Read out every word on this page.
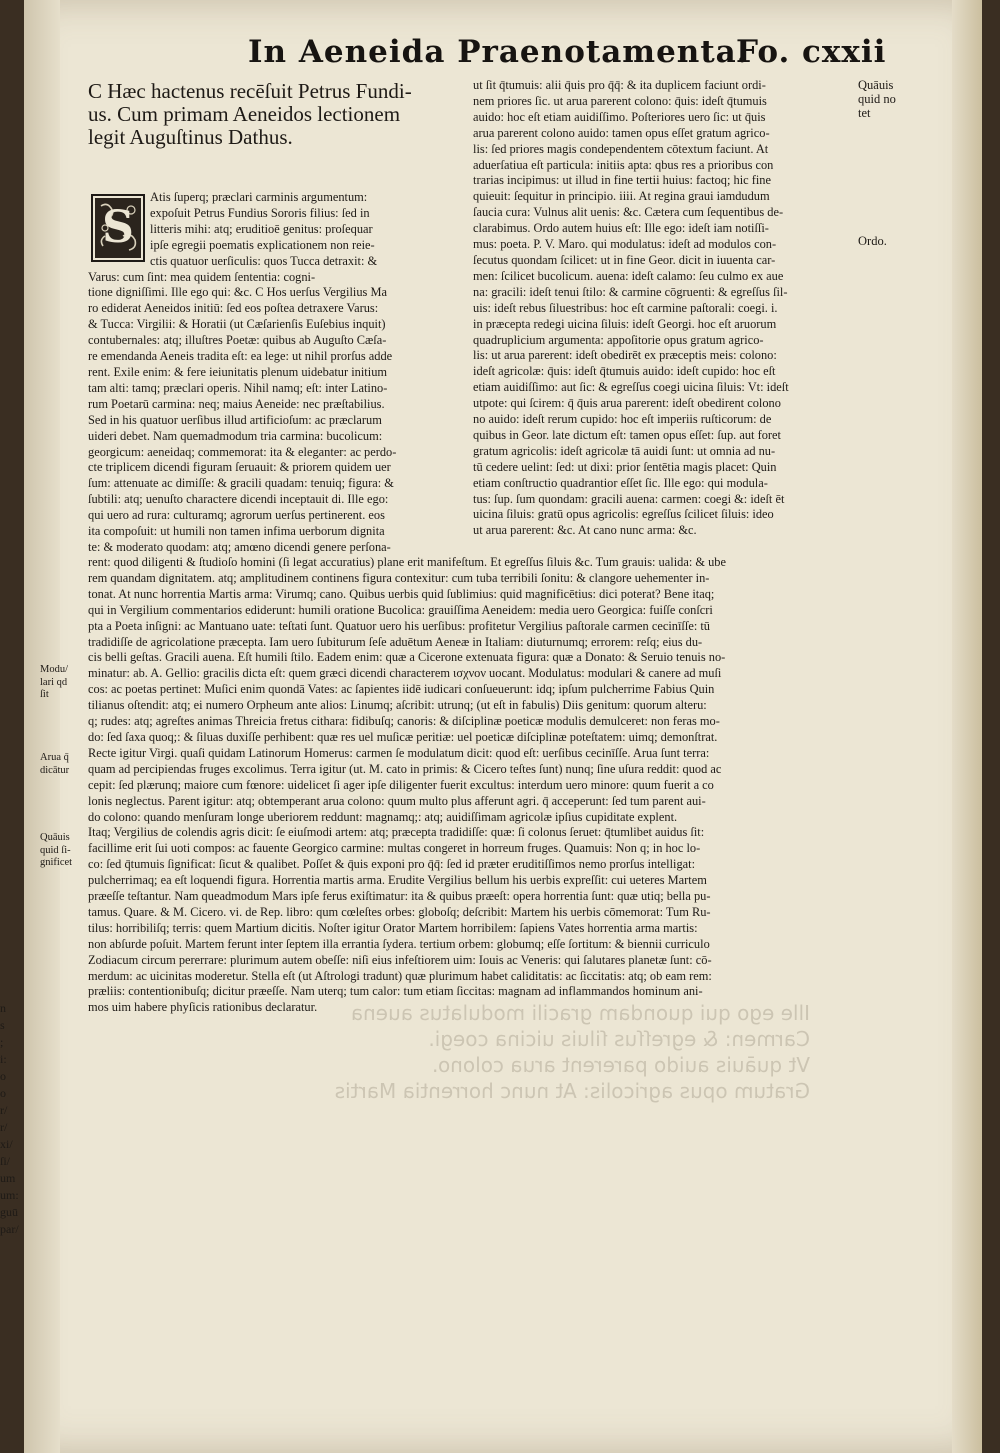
n
s
;
i:
o
o
r/
r/
xi/
ſi/
um
um:
guū
par/
In Aeneida Praenotamenta.
Fo. cxxii
C Hæc hactenus recēſuit Petrus Fundi-
us. Cum primam Aeneidos lectionem
legit Auguſtinus Dathus.
S
Atis ſuperq; præclari carminis argumentum:
expoſuit Petrus Fundius Sororis filius: ſed in
litteris mihi: atq; eruditioē genitus: proſequar
ipſe egregii poematis explicationem non reie-
ctis quatuor uerſiculis: quos Tucca detraxit: &
Varus: cum ſint: mea quidem ſententia: cogni-
tione digniſſimi. Ille ego qui: &c. C Hos uerſus Vergilius Ma
ro ediderat Aeneidos initiū: ſed eos poſtea detraxere Varus:
& Tucca: Virgilii: & Horatii (ut Cæſarienſis Euſebius inquit)
contubernales: atq; illuſtres Poetæ: quibus ab Auguſto Cæſa-
re emendanda Aeneis tradita eſt: ea lege: ut nihil prorſus adde
rent. Exile enim: & fere ieiunitatis plenum uidebatur initium
tam alti: tamq; præclari operis. Nihil namq; eſt: inter Latino-
rum Poetarū carmina: neq; maius Aeneide: nec præſtabilius.
Sed in his quatuor uerſibus illud artificioſum: ac præclarum
uideri debet. Nam quemadmodum tria carmina: bucolicum:
georgicum: aeneidaq; commemorat: ita & eleganter: ac perdo-
cte triplicem dicendi figuram ſeruauit: & priorem quidem uer
ſum: attenuate ac dimiſſe: & gracili quadam: tenuiq; figura: &
ſubtili: atq; uenuſto charactere dicendi inceptauit di. Ille ego:
qui uero ad rura: culturamq; agrorum uerſus pertinerent. eos
ita compoſuit: ut humili non tamen infima uerborum dignita
te: & moderato quodam: atq; amœno dicendi genere perſona-
ut ſit q̄tumuis: alii q̄uis pro q̄q̄: & ita duplicem faciunt ordi-
nem priores ſic. ut arua parerent colono: q̄uis: ideſt q̄tumuis
auido: hoc eſt etiam auidiſſimo. Poſteriores uero ſic: ut q̄uis
arua parerent colono auido: tamen opus eſſet gratum agrico-
lis: ſed priores magis condependentem cōtextum faciunt. At
aduerſatiua eſt particula: initiis apta: qbus res a prioribus con
trarias incipimus: ut illud in fine tertii huius: factoq; hic fine
quieuit: ſequitur in principio. iiii. At regina graui iamdudum
ſaucia cura: Vulnus alit uenis: &c. Cætera cum ſequentibus de-
clarabimus. Ordo autem huius eſt: Ille ego: ideſt iam notiſſi-
mus: poeta. P. V. Maro. qui modulatus: ideſt ad modulos con-
ſecutus quondam ſcilicet: ut in fine Geor. dicit in iuuenta car-
men: ſcilicet bucolicum. auena: ideſt calamo: ſeu culmo ex aue
na: gracili: ideſt tenui ſtilo: & carmine cōgruenti: & egreſſus ſil-
uis: ideſt rebus ſiluestribus: hoc eſt carmine paſtorali: coegi. i.
in præcepta redegi uicina ſiluis: ideſt Georgi. hoc eſt aruorum
quadruplicium argumenta: appoſitorie opus gratum agrico-
lis: ut arua parerent: ideſt obedirēt ex præceptis meis: colono:
ideſt agricolæ: q̄uis: ideſt q̄tumuis auido: ideſt cupido: hoc eſt
etiam auidiſſimo: aut ſic: & egreſſus coegi uicina ſiluis: Vt: ideſt
utpote: qui ſcirem: q̄ q̄uis arua parerent: ideſt obedirent colono
no auido: ideſt rerum cupido: hoc eſt imperiis ruſticorum: de
quibus in Geor. late dictum eſt: tamen opus eſſet: ſup. aut foret
gratum agricolis: ideſt agricolæ tā auidi ſunt: ut omnia ad nu-
tū cedere uelint: ſed: ut dixi: prior ſentētia magis placet: Quin
etiam conſtructio quadrantior eſſet ſic. Ille ego: qui modula-
tus: ſup. ſum quondam: gracili auena: carmen: coegi &: ideſt ēt
uicina ſiluis: gratū opus agricolis: egreſſus ſcilicet ſiluis: ideo
ut arua parerent: &c. At cano nunc arma: &c.
rent: quod diligenti & ſtudioſo homini (ſi legat accuratius) plane erit manifeſtum. Et egreſſus ſiluis &c. Tum grauis: ualida: & ube
rem quandam dignitatem. atq; amplitudinem continens figura contexitur: cum tuba terribili ſonitu: & clangore uehementer in-
tonat. At nunc horrentia Martis arma: Virumq; cano. Quibus uerbis quid ſublimius: quid magnificētius: dici poterat? Bene itaq;
qui in Vergilium commentarios ediderunt: humili oratione Bucolica: grauiſſima Aeneidem: media uero Georgica: fuiſſe conſcri
pta a Poeta inſigni: ac Mantuano uate: teſtati ſunt. Quatuor uero his uerſibus: profitetur Vergilius paſtorale carmen cecinīſſe: tū
tradidiſſe de agricolatione præcepta. Iam uero ſubiturum ſeſe aduētum Aeneæ in Italiam: diuturnumq; errorem: reſq; eius du-
cis belli geſtas. Gracili auena. Eſt humili ſtilo. Eadem enim: quæ a Cicerone extenuata figura: quæ a Donato: & Seruio tenuis no-
minatur: ab. A. Gellio: gracilis dicta eſt: quem græci dicendi characterem ισχνον uocant. Modulatus: modulari & canere ad muſi
cos: ac poetas pertinet: Muſici enim quondā Vates: ac ſapientes iidē iudicari conſueuerunt: idq; ipſum pulcherrime Fabius Quin
tilianus oſtendit: atq; ei numero Orpheum ante alios: Linumq; aſcribit: utrunq; (ut eſt in fabulis) Diis genitum: quorum alteru:
q; rudes: atq; agreſtes animas Threicia fretus cithara: fidibuſq; canoris: & diſciplinæ poeticæ modulis demulceret: non feras mo-
do: ſed ſaxa quoq;: & ſiluas duxiſſe perhibent: quæ res uel muſicæ peritiæ: uel poeticæ diſciplinæ poteſtatem: uimq; demonſtrat.
Recte igitur Virgi. quaſi quidam Latinorum Homerus: carmen ſe modulatum dicit: quod eſt: uerſibus cecinīſſe. Arua ſunt terra:
quam ad percipiendas fruges excolimus. Terra igitur (ut. M. cato in primis: & Cicero teſtes ſunt) nunq; ſine uſura reddit: quod ac
cepit: ſed plærunq; maiore cum fœnore: uidelicet ſi ager ipſe diligenter fuerit excultus: interdum uero minore: quum fuerit a co
lonis neglectus. Parent igitur: atq; obtemperant arua colono: quum multo plus afferunt agri. q̄ acceperunt: ſed tum parent aui-
do colono: quando menſuram longe uberiorem reddunt: magnamq;: atq; auidiſſimam agricolæ ipſius cupiditate explent.
Itaq; Vergilius de colendis agris dicit: ſe eiuſmodi artem: atq; præcepta tradidiſſe: quæ: ſi colonus ſeruet: q̄tumlibet auidus ſit:
facillime erit ſui uoti compos: ac fauente Georgico carmine: multas congeret in horreum fruges. Quamuis: Non q; in hoc lo-
co: ſed q̄tumuis ſignificat: ſicut & qualibet. Poſſet & q̄uis exponi pro q̄q̄: ſed id præter eruditiſſimos nemo prorſus intelligat:
pulcherrimaq; ea eſt loquendi figura. Horrentia martis arma. Erudite Vergilius bellum his uerbis expreſſit: cui ueteres Martem
præeſſe teſtantur. Nam queadmodum Mars ipſe ferus exiſtimatur: ita & quibus præeſt: opera horrentia ſunt: quæ utiq; bella pu-
tamus. Quare. & M. Cicero. vi. de Rep. libro: qum cœleſtes orbes: globoſq; deſcribit: Martem his uerbis cōmemorat: Tum Ru-
tilus: horribiliſq; terris: quem Martium dicitis. Noſter igitur Orator Martem horribilem: ſapiens Vates horrentia arma martis:
non abſurde poſuit. Martem ferunt inter ſeptem illa errantia ſydera. tertium orbem: globumq; eſſe ſortitum: & biennii curriculo
Zodiacum circum pererrare: plurimum autem obeſſe: niſi eius infeſtiorem uim: Iouis ac Veneris: qui ſalutares planetæ ſunt: cō-
merdum: ac uicinitas moderetur. Stella eſt (ut Aſtrologi tradunt) quæ plurimum habet caliditatis: ac ſiccitatis: atq; ob eam rem:
præliis: contentionibuſq; dicitur præeſſe. Nam uterq; tum calor: tum etiam ſiccitas: magnam ad inflammandos hominum ani-
mos uim habere phyſicis rationibus declaratur.
Quāuis
quid no
tet
Ordo.
Modu/
lari qd
ſit
Arua q̄
dicātur
Quāuis
quid ſi-
gnificet
Ille ego qui quondam gracili modulatus auena
Carmen: & egreſſus ſiluis uicina coegi.
Vt quāuis auido parerent arua colono.
Gratum opus agricolis: At nunc horrentia Martis
